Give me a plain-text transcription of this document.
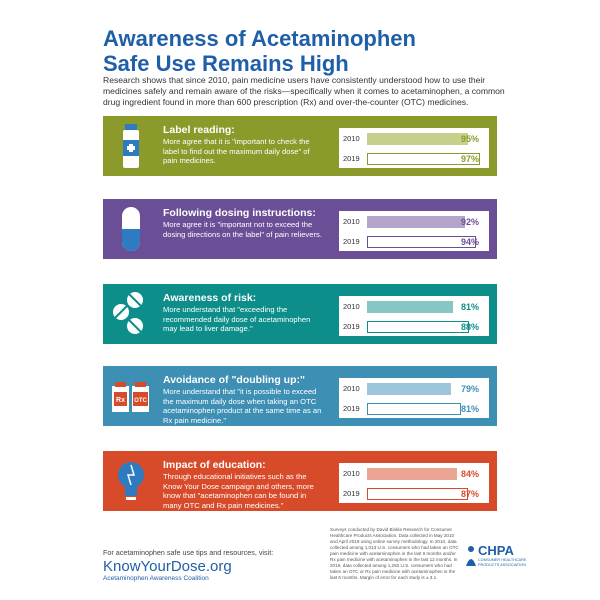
Awareness of Acetaminophen
Safe Use Remains High
Research shows that since 2010, pain medicine users have consistently understood how to use their medicines safely and remain aware of the risks—specifically when it comes to acetaminophen, a common drug ingredient found in more than 600 prescription (Rx) and over-the-counter (OTC) medicines.
Label reading:
More agree that it is "important to check the label to find out the maximum daily dose" of pain medicines.
2010	95%
2019	97%
Following dosing instructions:
More agree it is "important not to exceed the dosing directions on the label" of pain relievers.
2010	92%
2019	94%
Awareness of risk:
More understand that "exceeding the recommended daily dose of acetaminophen may lead to liver damage."
2010	81%
2019	88%
Rx OTC
Avoidance of "doubling up:"
More understand that "it is possible to exceed the maximum daily dose when taking an OTC acetaminophen product at the same time as an Rx pain medicine."
2010	79%
2019	81%
Impact of education:
Through educational initiatives such as the Know Your Dose campaign and others, more know that "acetaminophen can be found in many OTC and Rx pain medicines."
2010	84%
2019	87%
For acetaminophen safe use tips and resources, visit:
KnowYourDose.org
Acetaminophen Awareness Coalition
Surveys conducted by David Binkle Research for Consumer Healthcare Products Association. Data collected in May 2010 and April 2019 using online survey methodology. In 2010, data collected among 1,013 U.S. consumers who had taken an OTC pain medicine with acetaminophen in the last 6 months and/or Rx pain medicine with acetaminophen in the last 12 months. In 2019, data collected among 1,250 U.S. consumers who had taken an OTC or Rx pain medicine with acetaminophen in the last 6 months. Margin of error for each study is ± 3.1.
CHPA
CONSUMER HEALTHCARE PRODUCTS ASSOCIATION
